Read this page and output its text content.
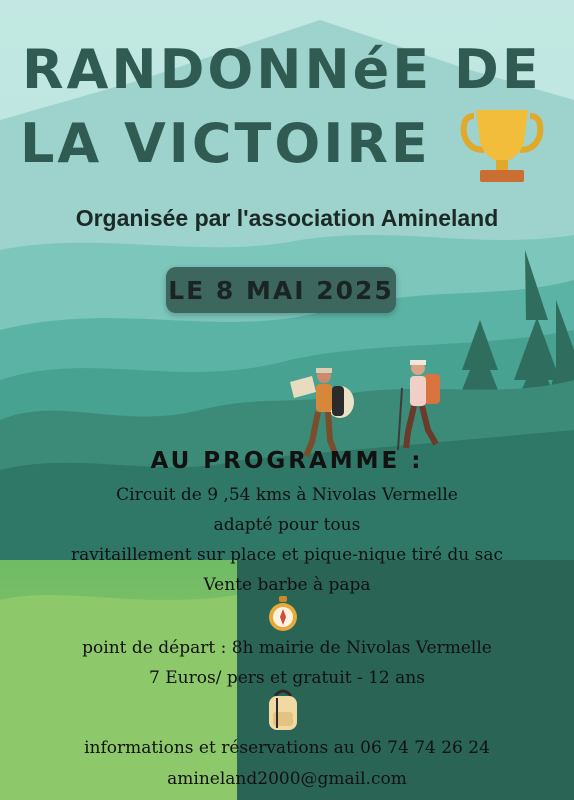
RANDONNéE DE
LA VICTOIRE
Organisée par l'association Amineland
LE 8 MAI 2025
AU PROGRAMME :
Circuit de 9 ,54 kms à Nivolas Vermelle
adapté pour tous
ravitaillement sur place et pique-nique tiré du sac
Vente barbe à papa
point de départ : 8h mairie de Nivolas Vermelle
7 Euros/ pers et gratuit - 12 ans
informations et réservations au 06 74 74 26 24
amineland2000@gmail.com
